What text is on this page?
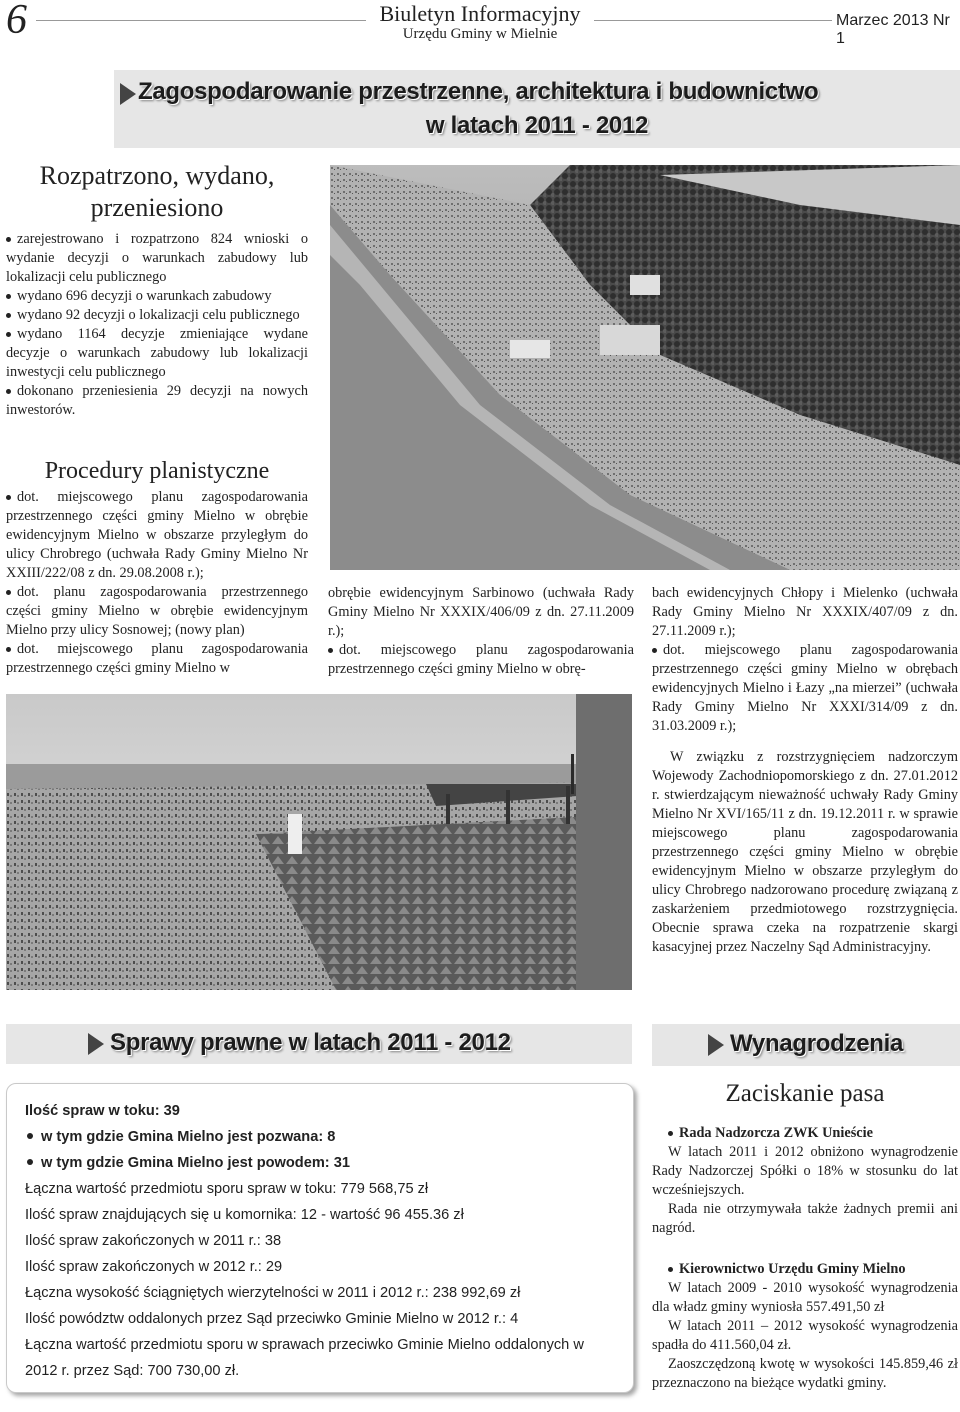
6	Biuletyn Informacyjny
Urzędu Gminy w Mielnie
Marzec 2013 Nr 1
Zagospodarowanie przestrzenne, architektura i budownictwo
w latach 2011 - 2012
Rozpatrzono, wydano, przeniesiono
zarejestrowano i rozpatrzono 824 wnioski o wydanie decyzji o warunkach zabudowy lub lokalizacji celu publicznego
wydano 696 decyzji o warunkach zabudowy
wydano 92 decyzji o lokalizacji celu publicznego
wydano 1164 decyzje zmieniające wydane decyzje o warunkach zabudowy lub lokalizacji inwestycji celu publicznego
dokonano przeniesienia 29 decyzji na nowych inwestorów.
Procedury planistyczne
dot. miejscowego planu zagospodarowania przestrzennego części gminy Mielno w obrębie ewidencyjnym Mielno w obszarze przyległym do ulicy Chrobrego (uchwała Rady Gminy Mielno Nr XXIII/222/08 z dn. 29.08.2008 r.);
dot. planu zagospodarowania przestrzennego części gminy Mielno w obrębie ewidencyjnym Mielno przy ulicy Sosnowej; (nowy plan)
dot. miejscowego planu zagospodarowania przestrzennego części gminy Mielno w

obrębie ewidencyjnym Sarbinowo (uchwała Rady Gminy Mielno Nr XXXIX/406/09 z dn. 27.11.2009 r.);

dot. miejscowego planu zagospodarowania przestrzennego części gminy Mielno w obrę-

bach ewidencyjnych Chłopy i Mielenko (uchwała Rady Gminy Mielno Nr XXXIX/407/09 z dn. 27.11.2009 r.);

dot. miejscowego planu zagospodarowania przestrzennego części gminy Mielno w obrębach ewidencyjnych Mielno i Łazy „na mierzei” (uchwała Rady Gminy Mielno Nr XXXI/314/09 z dn. 31.03.2009 r.);

W związku z rozstrzygnięciem nadzorczym Wojewody Zachodniopomorskiego z dn. 27.01.2012 r. stwierdzającym nieważność uchwały Rady Gminy Mielno Nr XVI/165/11 z dn. 19.12.2011 r. w sprawie miejscowego planu zagospodarowania przestrzennego części gminy Mielno w obrębie ewidencyjnym Mielno w obszarze przyległym do ulicy Chrobrego nadzorowano procedurę związaną z zaskarżeniem przedmiotowego rozstrzygnięcia. Obecnie sprawa czeka na rozpatrzenie skargi kasacyjnej przez Naczelny Sąd Administracyjny.

Sprawy prawne w latach 2011 - 2012
Ilość spraw w toku: 39
w tym gdzie Gmina Mielno jest pozwana: 8
w tym gdzie Gmina Mielno jest powodem: 31
Łączna wartość przedmiotu sporu spraw w toku: 779 568,75 zł
Ilość spraw znajdujących się u komornika: 12 - wartość 96 455.36 zł
Ilość spraw zakończonych w 2011 r.: 38
Ilość spraw zakończonych w 2012 r.: 29
Łączna wysokość ściągniętych wierzytelności w 2011 i 2012 r.: 238 992,69 zł
Ilość powództw oddalonych przez Sąd przeciwko Gminie Mielno w 2012 r.: 4
Łączna wartość przedmiotu sporu w sprawach przeciwko Gminie Mielno oddalonych w 2012 r. przez Sąd: 700 730,00 zł.
Wynagrodzenia
Zaciskanie pasa

Rada Nadzorcza ZWK Unieście

W latach 2011 i 2012 obniżono wynagrodzenie Rady Nadzorczej Spółki o 18% w stosunku do lat wcześniejszych.

Rada nie otrzymywała także żadnych premii ani nagród.

Kierownictwo Urzędu Gminy Mielno

W latach 2009 - 2010 wysokość wynagrodzenia dla władz gminy wyniosła 557.491,50 zł

W latach 2011 – 2012 wysokość wynagrodzenia spadła do 411.560,04 zł.

Zaoszczędzoną kwotę w wysokości 145.859,46 zł przeznaczono na bieżące wydatki gminy.
